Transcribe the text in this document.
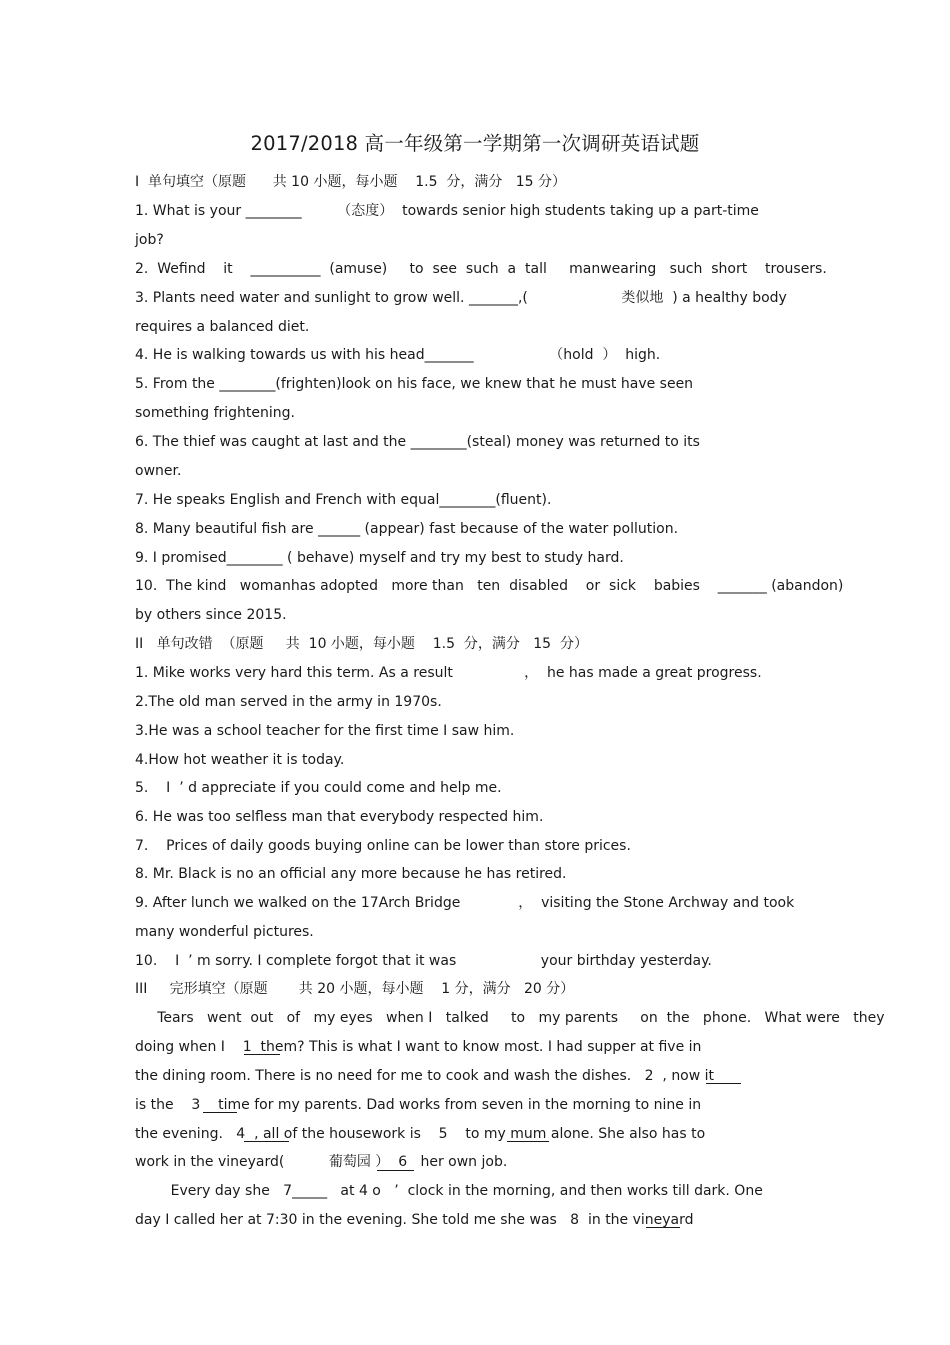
2017/2018 高一年级第一学期第一次调研英语试题
I  单句填空（原题      共 10 小题，每小题    1.5  分，满分   15 分）
1. What is your ________        （态度）  towards senior high students taking up a part-time
job?
2.  Wefind    it    __________  (amuse)     to  see  such  a  tall     manwearing   such  short    trousers.
3. Plants need water and sunlight to grow well. _______,(                     类似地  ) a healthy body
requires a balanced diet.
4. He is walking towards us with his head_______                 （hold  ）  high.
5. From the ________(frighten)look on his face, we knew that he must have seen
something frightening.
6. The thief was caught at last and the ________(steal) money was returned to its
owner.
7. He speaks English and French with equal________(fluent).
8. Many beautiful fish are ______ (appear) fast because of the water pollution.
9. I promised________ ( behave) myself and try my best to study hard.
10.  The kind   womanhas adopted   more than   ten  disabled    or  sick    babies    _______ (abandon)
by others since 2015.
II   单句改错  （原题     共  10 小题，每小题    1.5  分，满分   15  分）
1. Mike works very hard this term. As a result                ，  he has made a great progress.
2.The old man served in the army in 1970s.
3.He was a school teacher for the first time I saw him.
4.How hot weather it is today.
5.    I  ’ d appreciate if you could come and help me.
6. He was too selfless man that everybody respected him.
7.    Prices of daily goods buying online can be lower than store prices.
8. Mr. Black is no an official any more because he has retired.
9. After lunch we walked on the 17Arch Bridge             ，  visiting the Stone Archway and took
many wonderful pictures.
10.    I  ’ m sorry. I complete forgot that it was                   your birthday yesterday.
III     完形填空（原题       共 20 小题，每小题    1 分，满分   20 分）
Tears   went  out   of   my eyes   when I   talked     to   my parents     on  the   phone.   What were   they
doing when I    1  them? This is what I want to know most. I had supper at five in
the dining room. There is no need for me to cook and wash the dishes.   2  , now it
is the    3    time for my parents. Dad works from seven in the morning to nine in
the evening.   4  , all of the housework is    5    to my mum alone. She also has to
work in the vineyard(          葡萄园 ）  6   her own job.
Every day she   7_____   at 4 o   ’  clock in the morning, and then works till dark. One
day I called her at 7:30 in the evening. She told me she was   8  in the vineyard
